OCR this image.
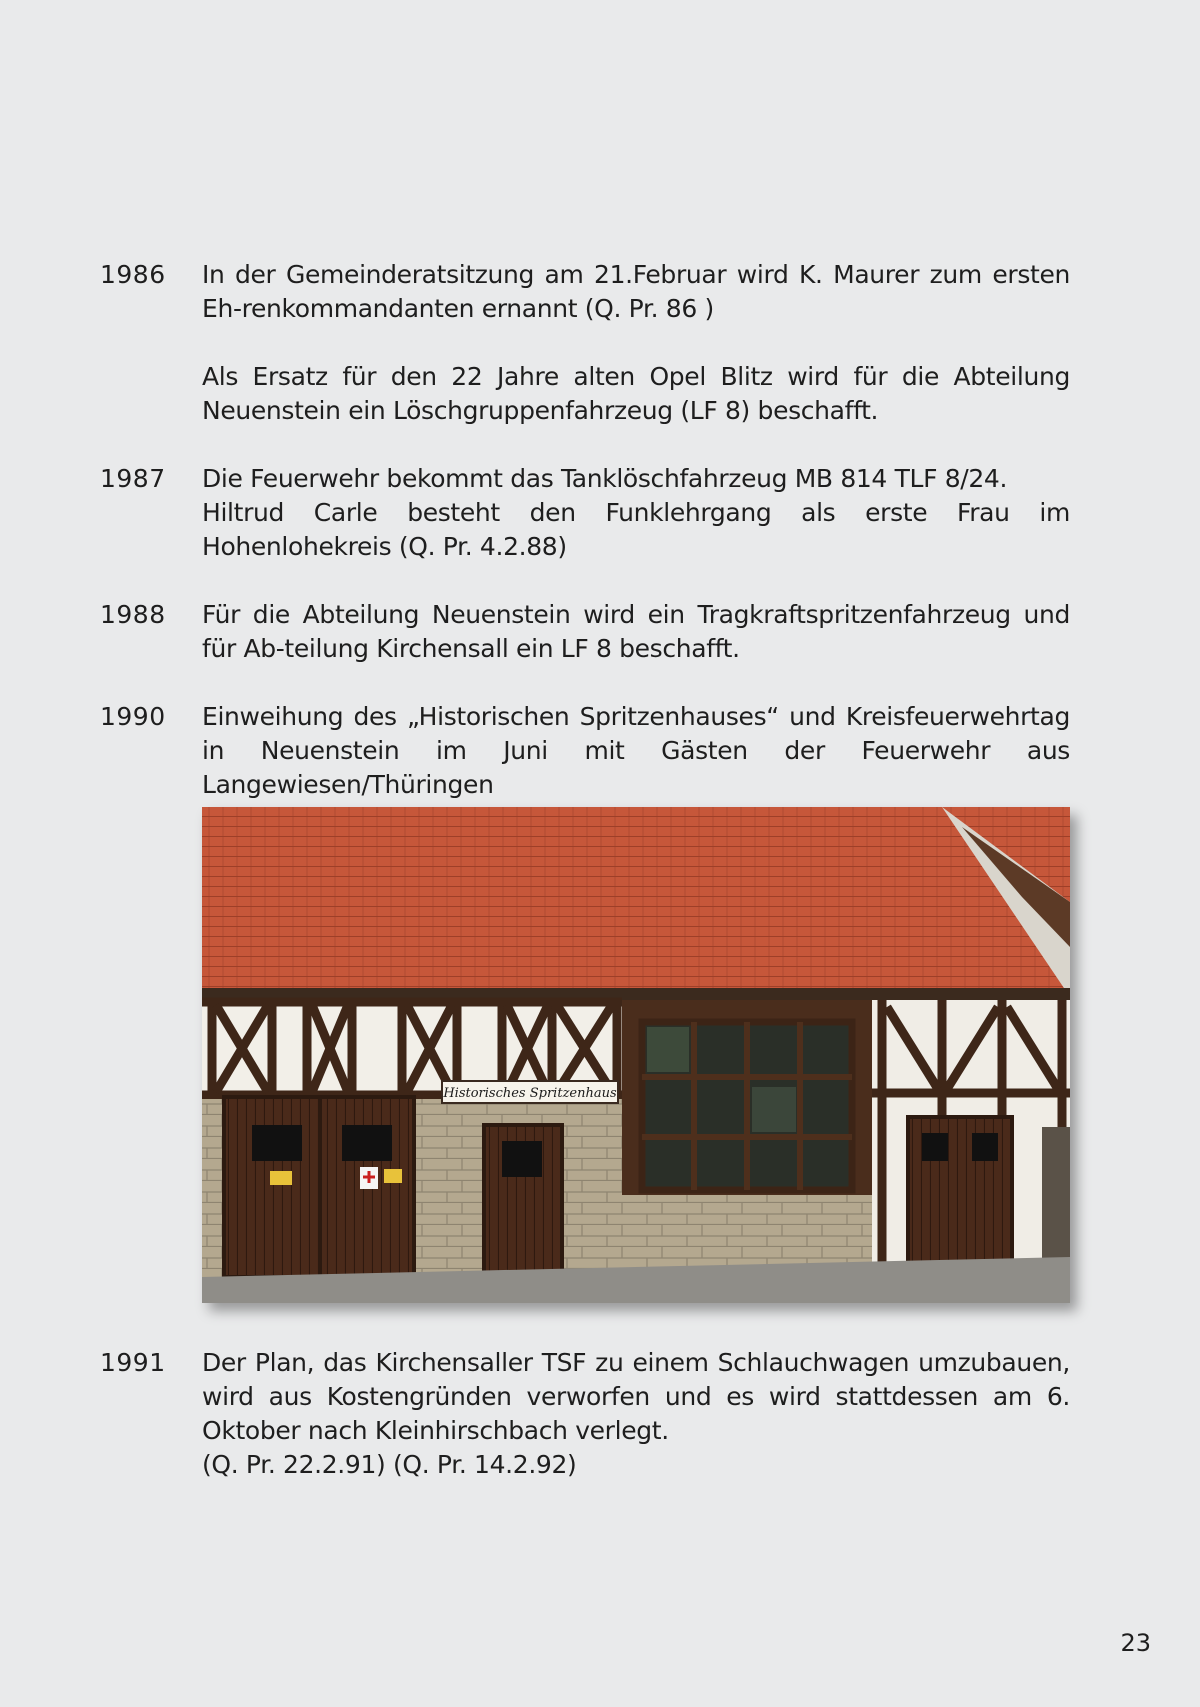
1986 In der Gemeinderatsitzung am 21.Februar wird K. Maurer zum ersten Eh-renkommandanten ernannt (Q. Pr. 86 )

Als Ersatz für den 22 Jahre alten Opel Blitz wird für die Abteilung Neuenstein ein Löschgruppenfahrzeug (LF 8) beschafft.

1987 Die Feuerwehr bekommt das Tanklöschfahrzeug MB 814 TLF 8/24.

Hiltrud Carle besteht den Funklehrgang als erste Frau im Hohenlohekreis (Q. Pr. 4.2.88)

1988 Für die Abteilung Neuenstein wird ein Tragkraftspritzenfahrzeug und für Ab-teilung Kirchensall ein LF 8 beschafft.

1990 Einweihung des „Historischen Spritzenhauses“ und Kreisfeuerwehrtag in Neuenstein im Juni mit Gästen der Feuerwehr aus Langewiesen/Thüringen

Historisches Spritzenhaus
1991 Der Plan, das Kirchensaller TSF zu einem Schlauchwagen umzubauen, wird aus Kostengründen verworfen und es wird stattdessen am 6. Oktober nach Kleinhirschbach verlegt.

(Q. Pr. 22.2.91) (Q. Pr. 14.2.92)

23
